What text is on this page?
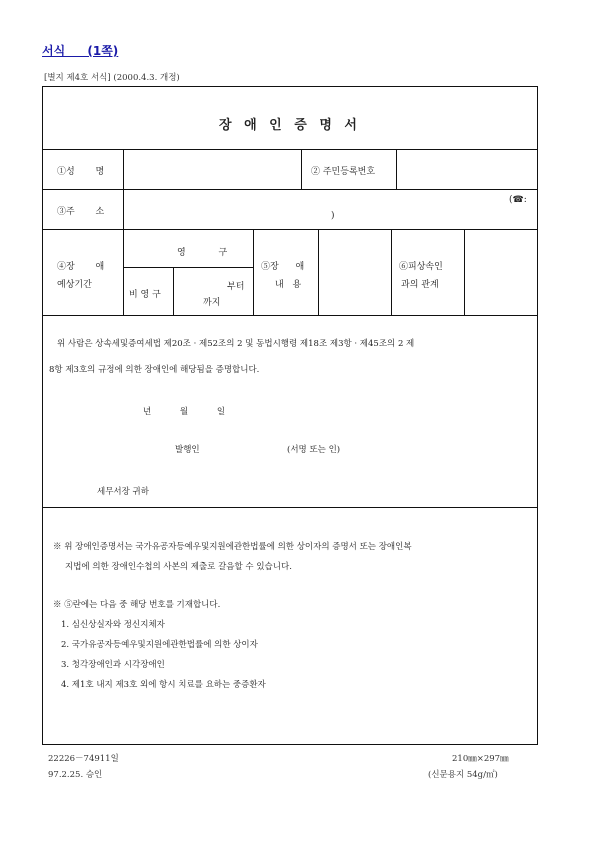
서식 (1쪽)
[별지 제4호 서식] (2000.4.3. 개정)
장 애 인 증 명 서
①성 명	② 주민등록번호
③주 소
(☎:
)
④장 애
예상기간
영 구
비 영 구
부터
까지
⑤장 애
내 용
⑥피상속인
과의 관계
위 사람은 상속세및증여세법 제20조 · 제52조의 2 및 동법시행령 제18조 제3항 · 제45조의 2 제
8항 제3호의 규정에 의한 장애인에 해당됨을 증명합니다.
년 월 일
발행인	(서명 또는 인)
세무서장 귀하
※ 위 장애인증명서는 국가유공자등예우및지원에관한법률에 의한 상이자의 증명서 또는 장애인복
지법에 의한 장애인수첩의 사본의 제출로 갈음할 수 있습니다.
※ ⑤란에는 다음 중 해당 번호를 기재합니다.
1. 심신상실자와 정신지체자
2. 국가유공자등예우및지원에관한법률에 의한 상이자
3. 청각장애인과 시각장애인
4. 제1호 내지 제3호 외에 항시 치료를 요하는 중증환자
22226－74911일
97.2.25. 승인
210㎜×297㎜
(신문용지 54g/㎡)
